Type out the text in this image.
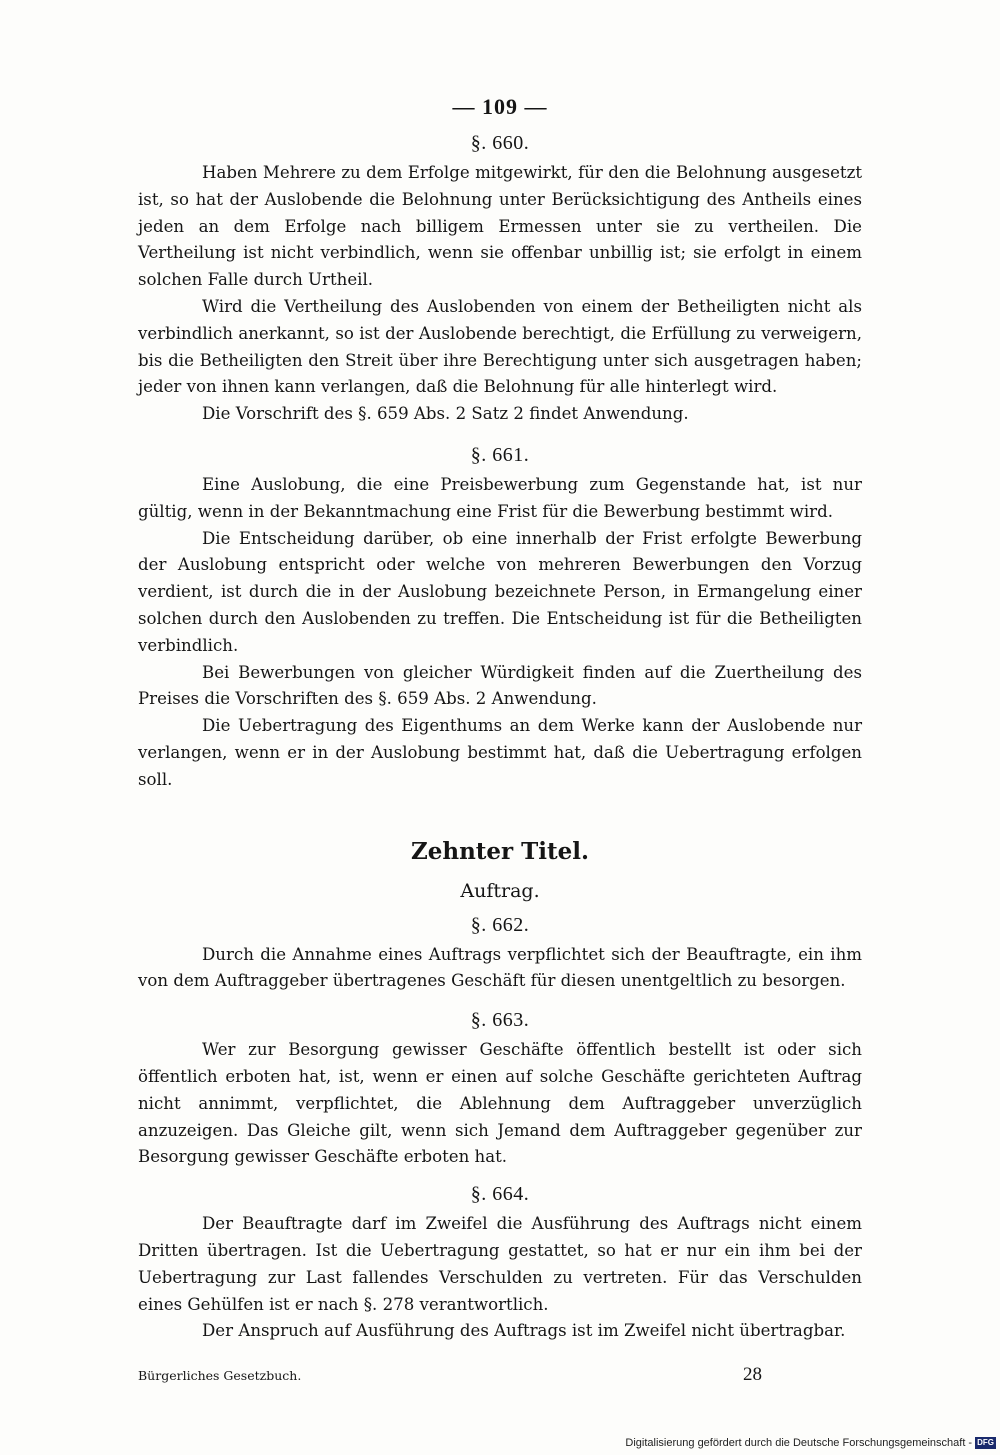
— 109 —
§. 660.

Haben Mehrere zu dem Erfolge mitgewirkt, für den die Belohnung ausgesetzt ist, so hat der Auslobende die Belohnung unter Berücksichtigung des Antheils eines jeden an dem Erfolge nach billigem Ermessen unter sie zu vertheilen. Die Vertheilung ist nicht verbindlich, wenn sie offenbar unbillig ist; sie erfolgt in einem solchen Falle durch Urtheil.

Wird die Vertheilung des Auslobenden von einem der Betheiligten nicht als verbindlich anerkannt, so ist der Auslobende berechtigt, die Erfüllung zu verweigern, bis die Betheiligten den Streit über ihre Berechtigung unter sich ausgetragen haben; jeder von ihnen kann verlangen, daß die Belohnung für alle hinterlegt wird.

Die Vorschrift des §. 659 Abs. 2 Satz 2 findet Anwendung.

§. 661.

Eine Auslobung, die eine Preisbewerbung zum Gegenstande hat, ist nur gültig, wenn in der Bekanntmachung eine Frist für die Bewerbung bestimmt wird.

Die Entscheidung darüber, ob eine innerhalb der Frist erfolgte Bewerbung der Auslobung entspricht oder welche von mehreren Bewerbungen den Vorzug verdient, ist durch die in der Auslobung bezeichnete Person, in Ermangelung einer solchen durch den Auslobenden zu treffen. Die Entscheidung ist für die Betheiligten verbindlich.

Bei Bewerbungen von gleicher Würdigkeit finden auf die Zuertheilung des Preises die Vorschriften des §. 659 Abs. 2 Anwendung.

Die Uebertragung des Eigenthums an dem Werke kann der Auslobende nur verlangen, wenn er in der Auslobung bestimmt hat, daß die Uebertragung erfolgen soll.

Zehnter Titel.
Auftrag.
§. 662.

Durch die Annahme eines Auftrags verpflichtet sich der Beauftragte, ein ihm von dem Auftraggeber übertragenes Geschäft für diesen unentgeltlich zu besorgen.

§. 663.

Wer zur Besorgung gewisser Geschäfte öffentlich bestellt ist oder sich öffentlich erboten hat, ist, wenn er einen auf solche Geschäfte gerichteten Auftrag nicht annimmt, verpflichtet, die Ablehnung dem Auftraggeber unverzüglich anzuzeigen. Das Gleiche gilt, wenn sich Jemand dem Auftraggeber gegenüber zur Besorgung gewisser Geschäfte erboten hat.

§. 664.

Der Beauftragte darf im Zweifel die Ausführung des Auftrags nicht einem Dritten übertragen. Ist die Uebertragung gestattet, so hat er nur ein ihm bei der Uebertragung zur Last fallendes Verschulden zu vertreten. Für das Verschulden eines Gehülfen ist er nach §. 278 verantwortlich.

Der Anspruch auf Ausführung des Auftrags ist im Zweifel nicht übertragbar.

Bürgerliches Gesetzbuch.	28
Digitalisierung gefördert durch die Deutsche Forschungsgemeinschaft - DFG
